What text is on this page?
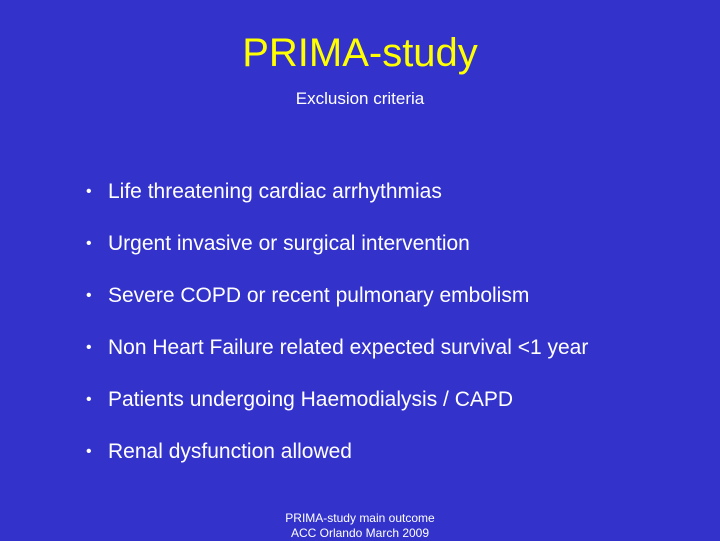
PRIMA-study
Exclusion criteria
• Life threatening cardiac arrhythmias
• Urgent invasive or surgical intervention
• Severe COPD or recent pulmonary embolism
• Non Heart Failure related expected survival <1 year
• Patients undergoing Haemodialysis / CAPD
• Renal dysfunction allowed
PRIMA-study main outcome
ACC Orlando March 2009
